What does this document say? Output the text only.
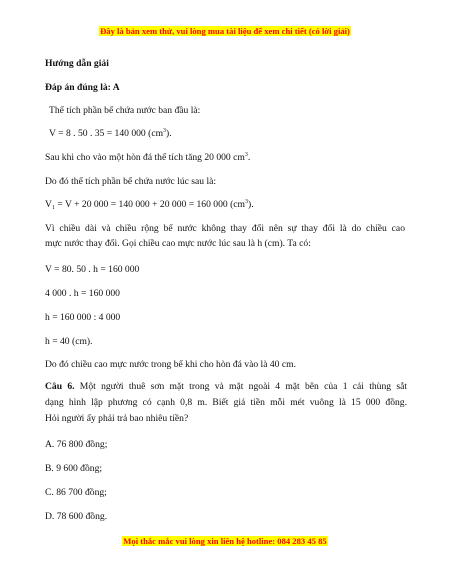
Đây là bản xem thử, vui lòng mua tài liệu để xem chi tiết (có lời giải)
Hướng dẫn giải
Đáp án đúng là: A
Thể tích phần bể chứa nước ban đầu là:
V = 8 . 50 . 35 = 140 000 $(cm^3)$.
Sau khi cho vào một hòn đá thể tích tăng 20 000 $cm^3$.
Do đó thể tích phần bể chứa nước lúc sau là:
$V_1 = V + 20$ 000 = 140 000 + 20 000 = 160 000 $(cm^3)$.
Vì chiều dài và chiều rộng bể nước không thay đổi nên sự thay đổi là do chiều cao
mực nước thay đổi. Gọi chiều cao mực nước lúc sau là h (cm). Ta có:
V = 80. 50 . h = 160 000
4 000 . h = 160 000
h = 160 000 : 4 000
h = 40 (cm).
Do đó chiều cao mực nước trong bể khi cho hòn đá vào là 40 cm.
Câu 6. Một người thuê sơn mặt trong và mặt ngoài 4 mặt bên của 1 cái thùng sắt
dạng hình lập phương có cạnh 0,8 m. Biết giá tiền mỗi mét vuông là 15 000 đồng.
Hỏi người ấy phải trả bao nhiêu tiền?
A. 76 800 đồng;
B. 9 600 đồng;
C. 86 700 đồng;
D. 78 600 đồng.
Mọi thắc mắc vui lòng xin liên hệ hotline: 084 283 45 85
